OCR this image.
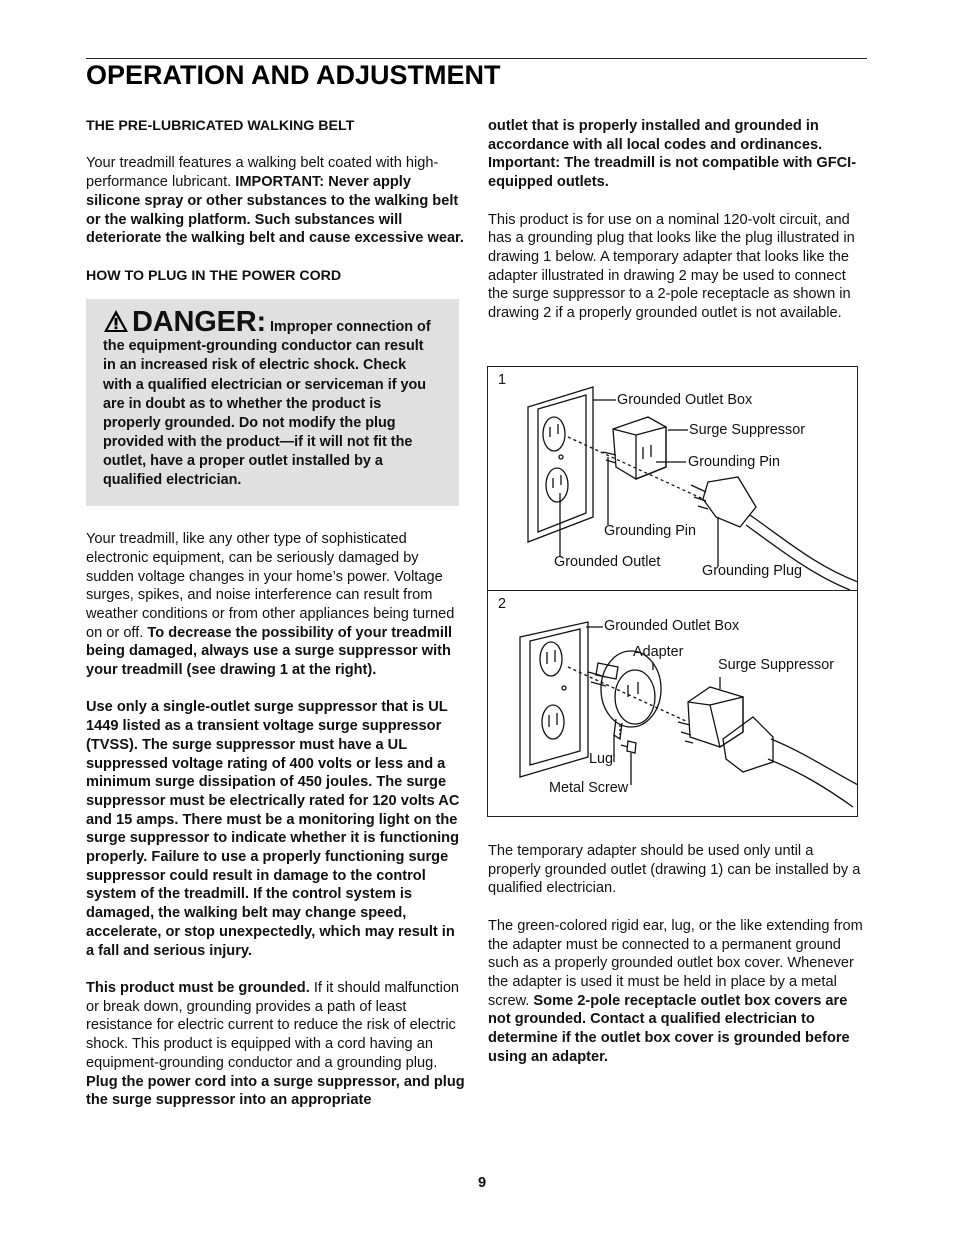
OPERATION AND ADJUSTMENT

THE PRE-LUBRICATED WALKING BELT

Your treadmill features a walking belt coated with high-performance lubricant. IMPORTANT: Never apply silicone spray or other substances to the walking belt or the walking platform. Such substances will deteriorate the walking belt and cause excessive wear.

HOW TO PLUG IN THE POWER CORD

DANGER: Improper connection of the equipment-grounding conductor can result in an increased risk of electric shock. Check with a qualified electrician or serviceman if you are in doubt as to whether the product is properly grounded. Do not modify the plug provided with the product—if it will not fit the outlet, have a proper outlet installed by a qualified electrician.

Your treadmill, like any other type of sophisticated electronic equipment, can be seriously damaged by sudden voltage changes in your home’s power. Voltage surges, spikes, and noise interference can result from weather conditions or from other appliances being turned on or off. To decrease the possibility of your treadmill being damaged, always use a surge suppressor with your treadmill (see drawing 1 at the right).

Use only a single-outlet surge suppressor that is UL 1449 listed as a transient voltage surge suppressor (TVSS). The surge suppressor must have a UL suppressed voltage rating of 400 volts or less and a minimum surge dissipation of 450 joules. The surge suppressor must be electrically rated for 120 volts AC and 15 amps. There must be a monitoring light on the surge suppressor to indicate whether it is functioning properly. Failure to use a properly functioning surge suppressor could result in damage to the control system of the treadmill. If the control system is damaged, the walking belt may change speed, accelerate, or stop unexpectedly, which may result in a fall and serious injury.

This product must be grounded. If it should malfunction or break down, grounding provides a path of least resistance for electric current to reduce the risk of electric shock. This product is equipped with a cord having an equipment-grounding conductor and a grounding plug. Plug the power cord into a surge suppressor, and plug the surge suppressor into an appropriate

outlet that is properly installed and grounded in accordance with all local codes and ordinances. Important: The treadmill is not compatible with GFCI-equipped outlets.

This product is for use on a nominal 120-volt circuit, and has a grounding plug that looks like the plug illustrated in drawing 1 below. A temporary adapter that looks like the adapter illustrated in drawing 2 may be used to connect the surge suppressor to a 2-pole receptacle as shown in drawing 2 if a properly grounded outlet is not available.

1
Grounded Outlet Box
Surge Suppressor
Grounding Pin
Grounding Pin
Grounded Outlet
Grounding Plug
2
Grounded Outlet Box
Adapter
Surge Suppressor
Lug
Metal Screw

The temporary adapter should be used only until a properly grounded outlet (drawing 1) can be installed by a qualified electrician.

The green-colored rigid ear, lug, or the like extending from the adapter must be connected to a permanent ground such as a properly grounded outlet box cover. Whenever the adapter is used it must be held in place by a metal screw. Some 2-pole receptacle outlet box covers are not grounded. Contact a qualified electrician to determine if the outlet box cover is grounded before using an adapter.

9
